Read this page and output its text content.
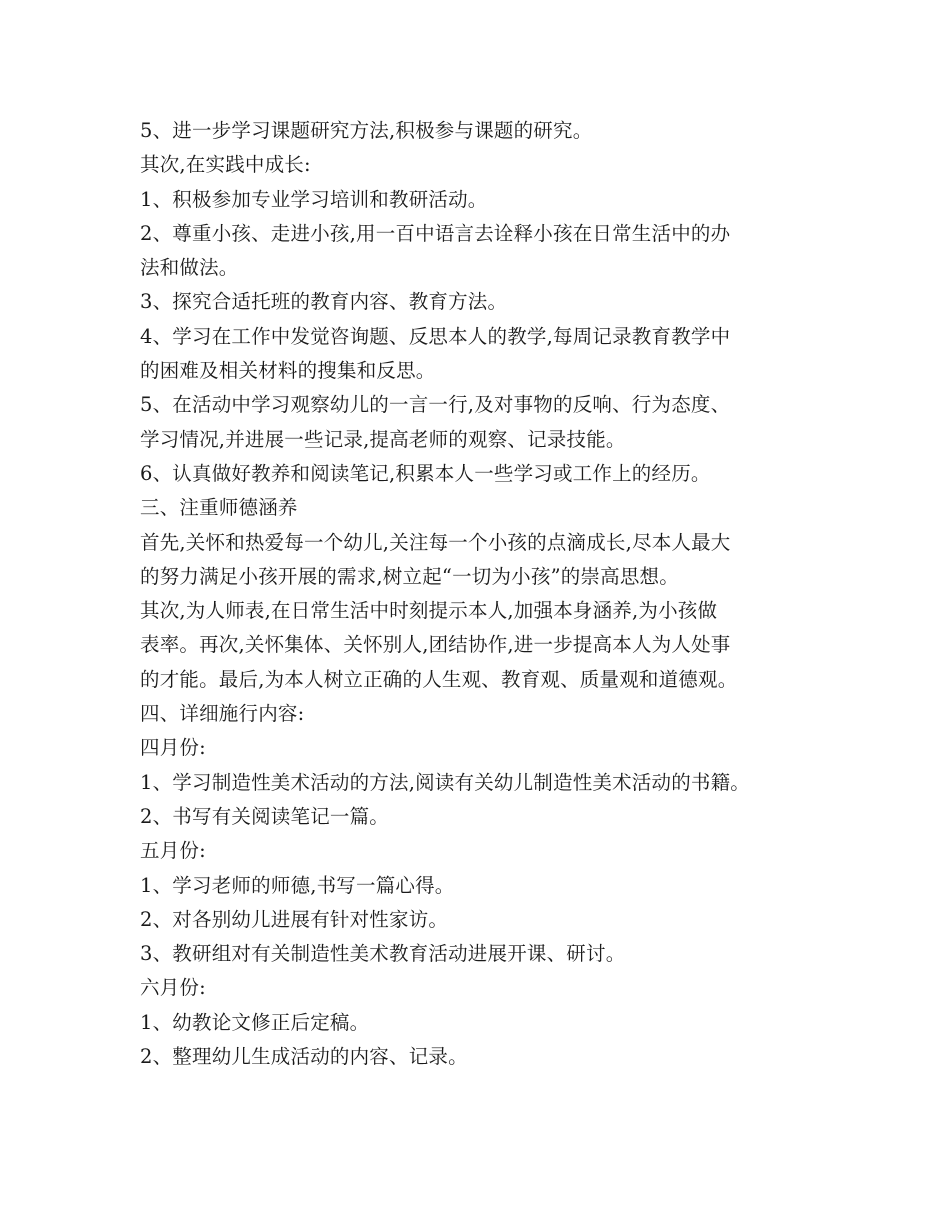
5、进一步学习课题研究方法,积极参与课题的研究。
其次,在实践中成长:
1、积极参加专业学习培训和教研活动。
2、尊重小孩、走进小孩,用一百中语言去诠释小孩在日常生活中的办
法和做法。
3、探究合适托班的教育内容、教育方法。
4、学习在工作中发觉咨询题、反思本人的教学,每周记录教育教学中
的困难及相关材料的搜集和反思。
5、在活动中学习观察幼儿的一言一行,及对事物的反响、行为态度、
学习情况,并进展一些记录,提高老师的观察、记录技能。
6、认真做好教养和阅读笔记,积累本人一些学习或工作上的经历。
三、注重师德涵养
首先,关怀和热爱每一个幼儿,关注每一个小孩的点滴成长,尽本人最大
的努力满足小孩开展的需求,树立起“一切为小孩”的崇高思想。
其次,为人师表,在日常生活中时刻提示本人,加强本身涵养,为小孩做
表率。再次,关怀集体、关怀别人,团结协作,进一步提高本人为人处事
的才能。最后,为本人树立正确的人生观、教育观、质量观和道德观。
四、详细施行内容:
四月份:
1、学习制造性美术活动的方法,阅读有关幼儿制造性美术活动的书籍。
2、书写有关阅读笔记一篇。
五月份:
1、学习老师的师德,书写一篇心得。
2、对各别幼儿进展有针对性家访。
3、教研组对有关制造性美术教育活动进展开课、研讨。
六月份:
1、幼教论文修正后定稿。
2、整理幼儿生成活动的内容、记录。
